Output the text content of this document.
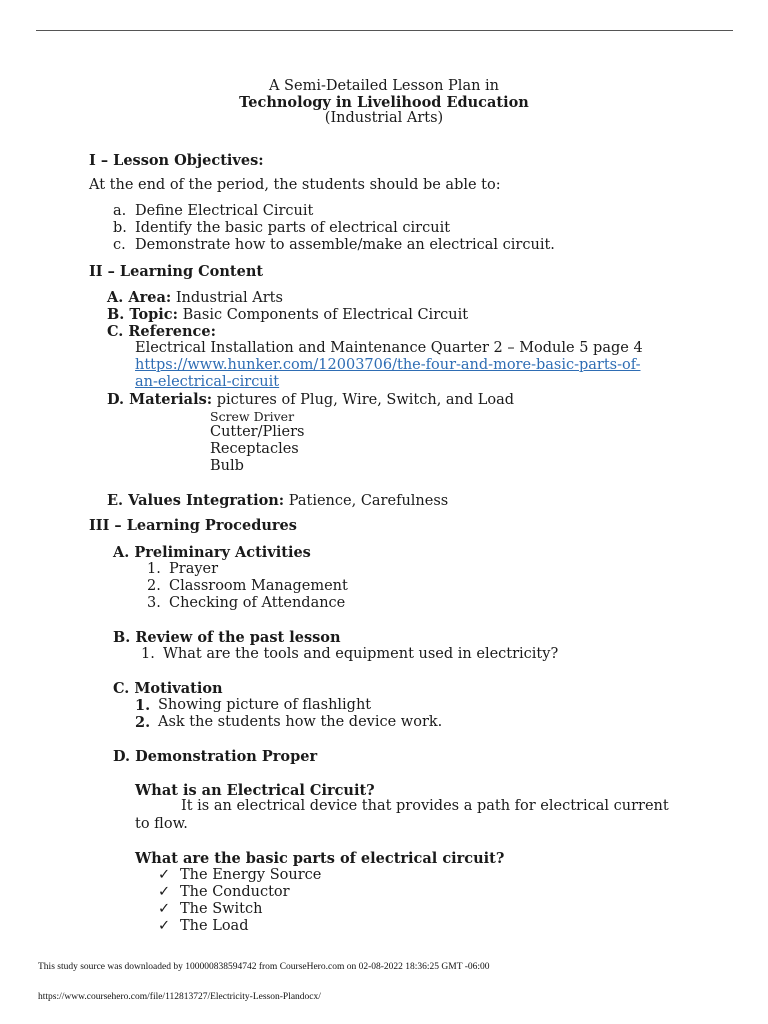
A Semi-Detailed Lesson Plan in
Technology in Livelihood Education
(Industrial Arts)
I – Lesson Objectives:
At the end of the period, the students should be able to:
a. Define Electrical Circuit
b. Identify the basic parts of electrical circuit
c. Demonstrate how to assemble/make an electrical circuit.
II – Learning Content
A. Area: Industrial Arts
B. Topic: Basic Components of Electrical Circuit
C. Reference:
Electrical Installation and Maintenance Quarter 2 – Module 5 page 4
https://www.hunker.com/12003706/the-four-and-more-basic-parts-of-
an-electrical-circuit
D. Materials: pictures of Plug, Wire, Switch, and Load
Screw Driver
Cutter/Pliers
Receptacles
Bulb
E. Values Integration: Patience, Carefulness
III – Learning Procedures
A. Preliminary Activities
1. Prayer
2. Classroom Management
3. Checking of Attendance
B. Review of the past lesson
1. What are the tools and equipment used in electricity?
C. Motivation
1. Showing picture of flashlight
2. Ask the students how the device work.
D. Demonstration Proper
What is an Electrical Circuit?
It is an electrical device that provides a path for electrical current
to flow.
What are the basic parts of electrical circuit?
✓ The Energy Source
✓ The Conductor
✓ The Switch
✓ The Load
This study source was downloaded by 100000838594742 from CourseHero.com on 02-08-2022 18:36:25 GMT -06:00
https://www.coursehero.com/file/112813727/Electricity-Lesson-Plandocx/
